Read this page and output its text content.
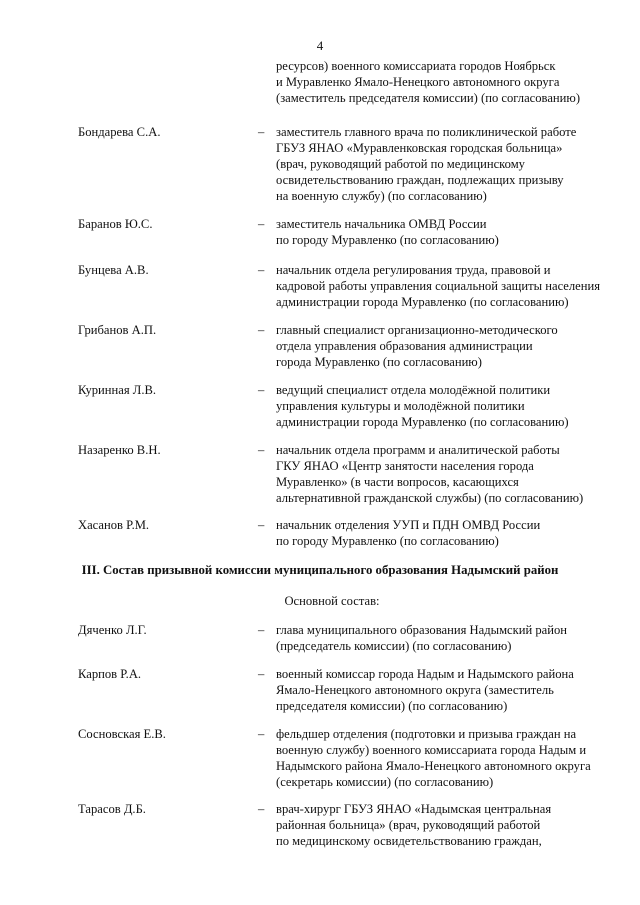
4
ресурсов) военного комиссариата городов Ноябрьск
и Муравленко Ямало-Ненецкого автономного округа
(заместитель председателя комиссии) (по согласованию)
Бондарева С.А.	– заместитель главного врача по поликлинической работе
ГБУЗ ЯНАО «Муравленковская городская больница»
(врач, руководящий работой по медицинскому
освидетельствованию граждан, подлежащих призыву
на военную службу) (по согласованию)
Баранов Ю.С.	– заместитель начальника ОМВД России
по городу Муравленко (по согласованию)
Бунцева А.В.	– начальник отдела регулирования труда, правовой и
кадровой работы управления социальной защиты населения
администрации города Муравленко (по согласованию)
Грибанов А.П.	– главный специалист организационно-методического
отдела управления образования администрации
города Муравленко (по согласованию)
Куринная Л.В.	– ведущий специалист отдела молодёжной политики
управления культуры и молодёжной политики
администрации города Муравленко (по согласованию)
Назаренко В.Н.	– начальник отдела программ и аналитической работы
ГКУ ЯНАО «Центр занятости населения города
Муравленко» (в части вопросов, касающихся
альтернативной гражданской службы) (по согласованию)
Хасанов Р.М.	– начальник отделения УУП и ПДН ОМВД России
по городу Муравленко (по согласованию)
III. Состав призывной комиссии муниципального образования Надымский район
Основной состав:
Дяченко Л.Г.	– глава муниципального образования Надымский район
(председатель комиссии) (по согласованию)
Карпов Р.А.	– военный комиссар города Надым и Надымского района
Ямало-Ненецкого автономного округа (заместитель
председателя комиссии) (по согласованию)
Сосновская Е.В.	– фельдшер отделения (подготовки и призыва граждан на
военную службу) военного комиссариата города Надым и
Надымского района Ямало-Ненецкого автономного округа
(секретарь комиссии) (по согласованию)
Тарасов Д.Б.	– врач-хирург ГБУЗ ЯНАО «Надымская центральная
районная больница» (врач, руководящий работой
по медицинскому освидетельствованию граждан,
